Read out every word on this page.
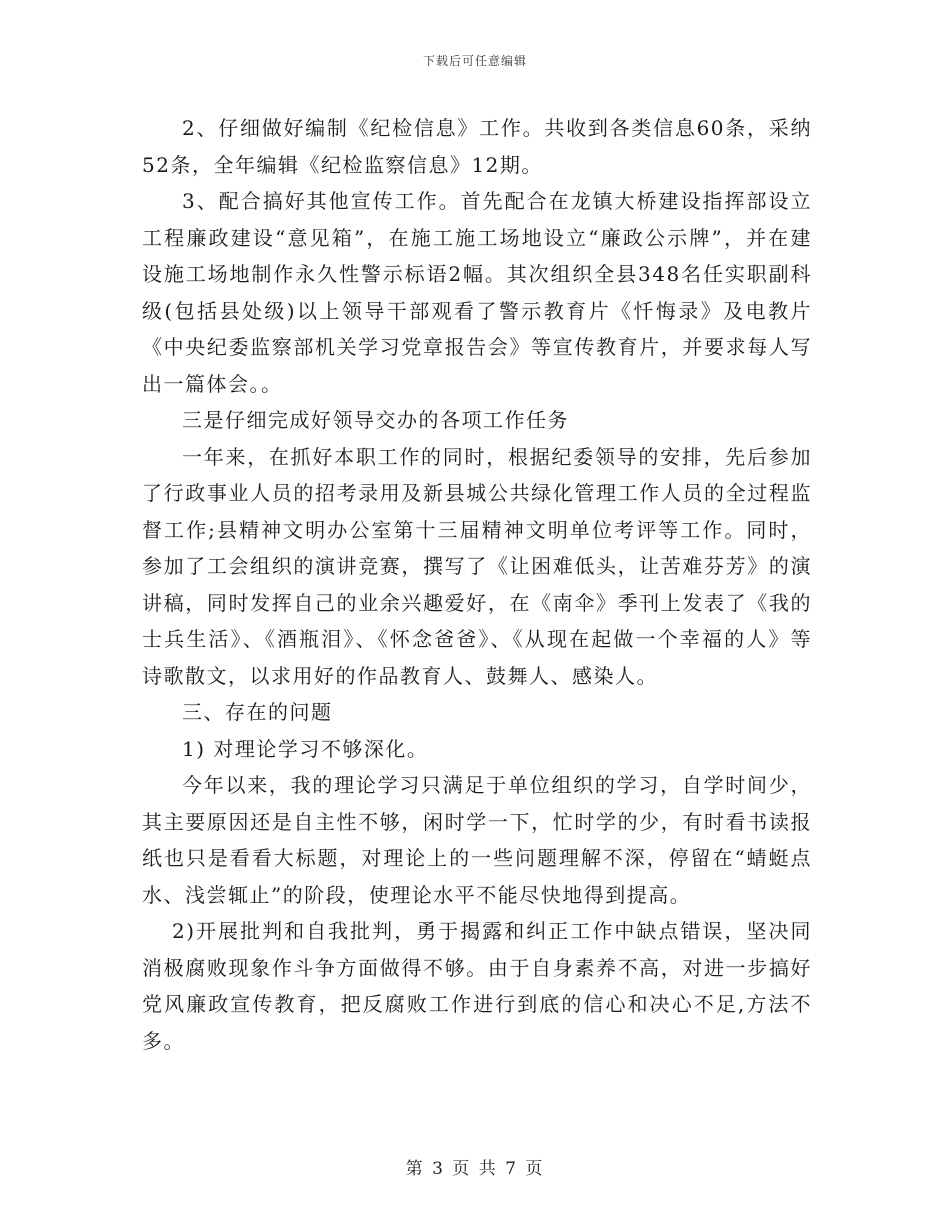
下载后可任意编辑

2、仔细做好编制《纪检信息》工作。共收到各类信息60条，采纳52条，全年编辑《纪检监察信息》12期。

3、配合搞好其他宣传工作。首先配合在龙镇大桥建设指挥部设立工程廉政建设“意见箱”，在施工施工场地设立“廉政公示牌”，并在建设施工场地制作永久性警示标语2幅。其次组织全县348名任实职副科级(包括县处级)以上领导干部观看了警示教育片《忏悔录》及电教片《中央纪委监察部机关学习党章报告会》等宣传教育片，并要求每人写出一篇体会。。

三是仔细完成好领导交办的各项工作任务

一年来，在抓好本职工作的同时，根据纪委领导的安排，先后参加了行政事业人员的招考录用及新县城公共绿化管理工作人员的全过程监督工作;县精神文明办公室第十三届精神文明单位考评等工作。同时，参加了工会组织的演讲竞赛，撰写了《让困难低头，让苦难芬芳》的演讲稿，同时发挥自己的业余兴趣爱好，在《南伞》季刊上发表了《我的士兵生活》、《酒瓶泪》、《怀念爸爸》、《从现在起做一个幸福的人》等诗歌散文，以求用好的作品教育人、鼓舞人、感染人。

三、存在的问题

1) 对理论学习不够深化。

今年以来，我的理论学习只满足于单位组织的学习，自学时间少，其主要原因还是自主性不够，闲时学一下，忙时学的少，有时看书读报纸也只是看看大标题，对理论上的一些问题理解不深，停留在“蜻蜓点水、浅尝辄止”的阶段，使理论水平不能尽快地得到提高。

2)开展批判和自我批判，勇于揭露和纠正工作中缺点错误，坚决同消极腐败现象作斗争方面做得不够。由于自身素养不高，对进一步搞好党风廉政宣传教育，把反腐败工作进行到底的信心和决心不足,方法不多。

第 3 页 共 7 页
